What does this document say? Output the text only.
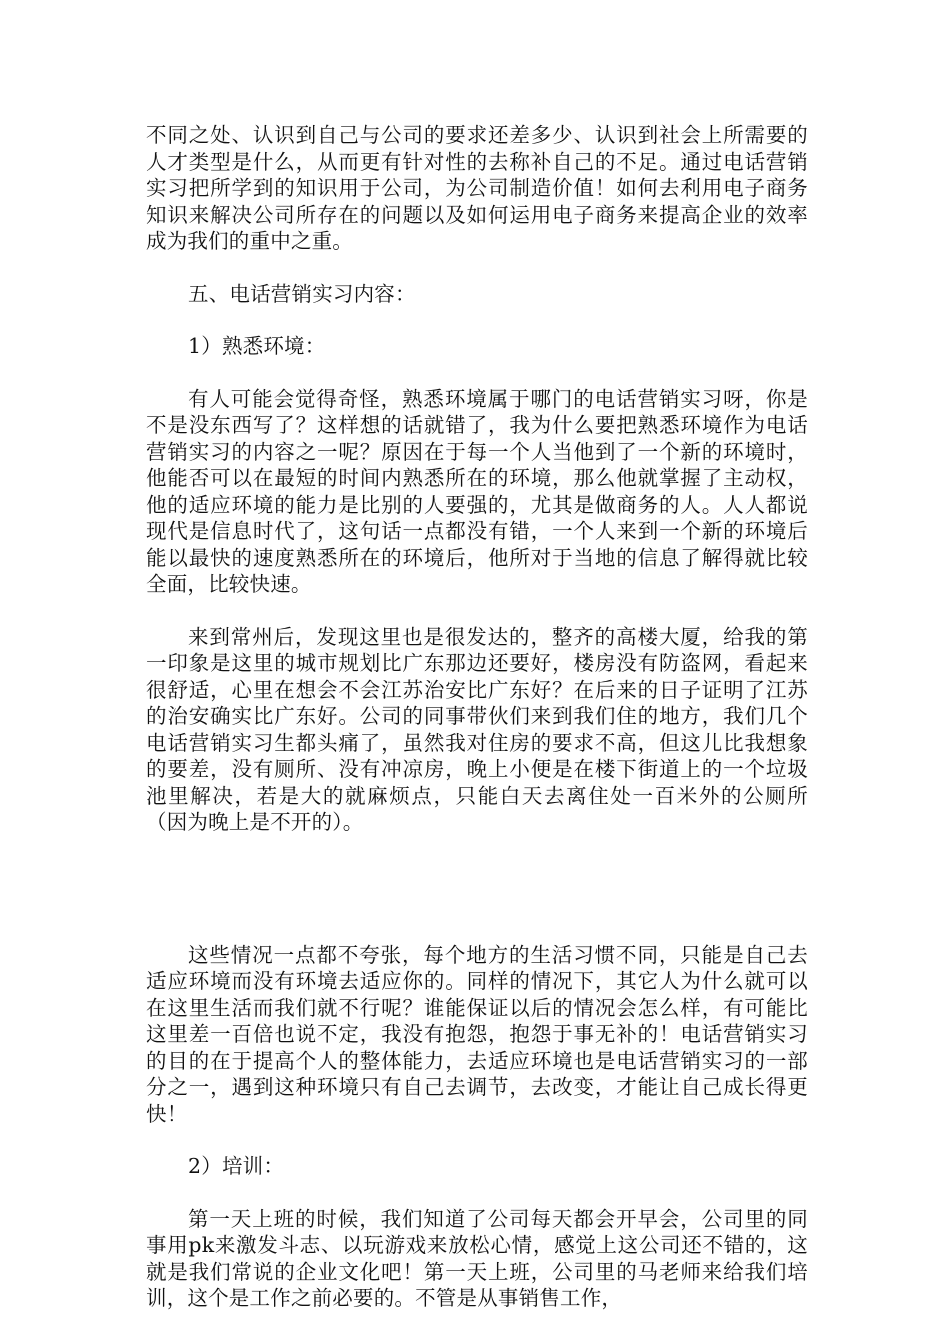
不同之处、认识到自己与公司的要求还差多少、认识到社会上所需要的人才类型是什么，从而更有针对性的去称补自己的不足。通过电话营销实习把所学到的知识用于公司，为公司制造价值！如何去利用电子商务知识来解决公司所存在的问题以及如何运用电子商务来提高企业的效率成为我们的重中之重。

五、电话营销实习内容：

1）熟悉环境：

有人可能会觉得奇怪，熟悉环境属于哪门的电话营销实习呀，你是不是没东西写了？这样想的话就错了，我为什么要把熟悉环境作为电话营销实习的内容之一呢？原因在于每一个人当他到了一个新的环境时，他能否可以在最短的时间内熟悉所在的环境，那么他就掌握了主动权，他的适应环境的能力是比别的人要强的，尤其是做商务的人。人人都说现代是信息时代了，这句话一点都没有错，一个人来到一个新的环境后能以最快的速度熟悉所在的环境后，他所对于当地的信息了解得就比较全面，比较快速。

来到常州后，发现这里也是很发达的，整齐的高楼大厦，给我的第一印象是这里的城市规划比广东那边还要好，楼房没有防盗网，看起来很舒适，心里在想会不会江苏治安比广东好？在后来的日子证明了江苏的治安确实比广东好。公司的同事带伙们来到我们住的地方，我们几个电话营销实习生都头痛了，虽然我对住房的要求不高，但这儿比我想象的要差，没有厕所、没有冲凉房，晚上小便是在楼下街道上的一个垃圾池里解决，若是大的就麻烦点，只能白天去离住处一百米外的公厕所（因为晚上是不开的）。

这些情况一点都不夸张，每个地方的生活习惯不同，只能是自己去适应环境而没有环境去适应你的。同样的情况下，其它人为什么就可以在这里生活而我们就不行呢？谁能保证以后的情况会怎么样，有可能比这里差一百倍也说不定，我没有抱怨，抱怨于事无补的！电话营销实习的目的在于提高个人的整体能力，去适应环境也是电话营销实习的一部分之一，遇到这种环境只有自己去调节，去改变，才能让自己成长得更快！

2）培训：

第一天上班的时候，我们知道了公司每天都会开早会，公司里的同事用pk来激发斗志、以玩游戏来放松心情，感觉上这公司还不错的，这就是我们常说的企业文化吧！第一天上班，公司里的马老师来给我们培训，这个是工作之前必要的。不管是从事销售工作，
